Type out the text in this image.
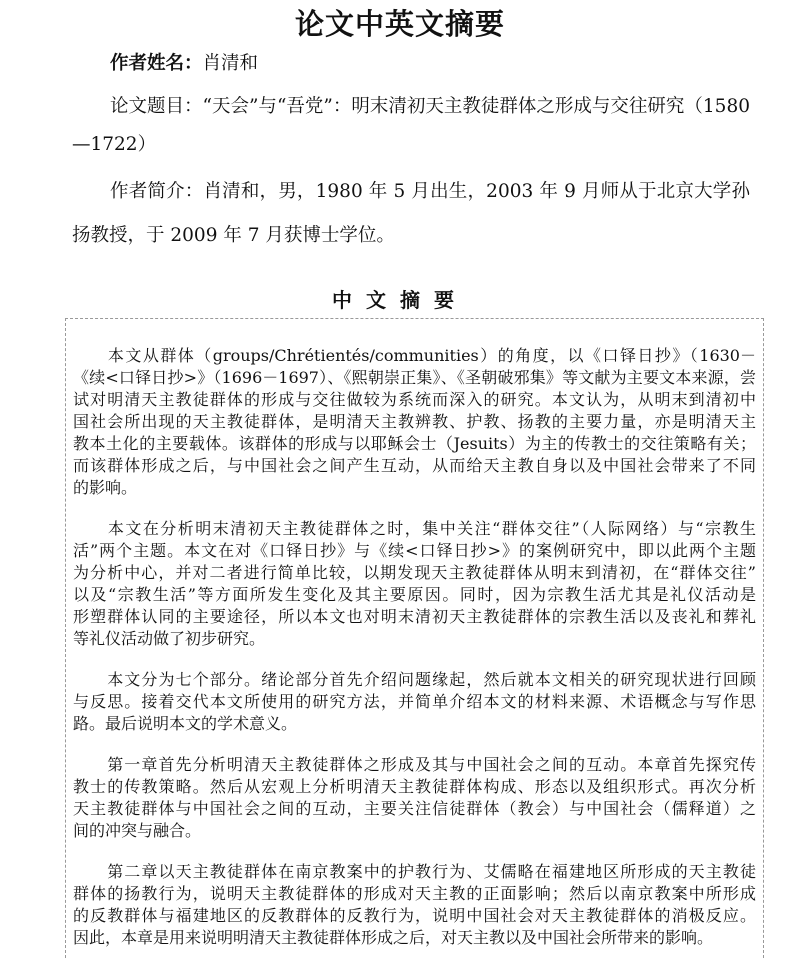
论文中英文摘要
作者姓名：肖清和
论文题目：“天会”与“吾党”：明末清初天主教徒群体之形成与交往研究（1580
—1722）
作者简介：肖清和，男，1980 年 5 月出生，2003 年 9 月师从于北京大学孙
扬教授，于 2009 年 7 月获博士学位。
中文摘要
　　本文从群体（groups/Chrétientés/communities）的角度，以《口铎日抄》（1630－
《续<口铎日抄>》（1696－1697）、《熙朝崇正集》、《圣朝破邪集》等文献为主要文本来源，尝
试对明清天主教徒群体的形成与交往做较为系统而深入的研究。本文认为，从明末到清初中
国社会所出现的天主教徒群体，是明清天主教辨教、护教、扬教的主要力量，亦是明清天主
教本土化的主要载体。该群体的形成与以耶稣会士（Jesuits）为主的传教士的交往策略有关；
而该群体形成之后，与中国社会之间产生互动，从而给天主教自身以及中国社会带来了不同
的影响。
　　本文在分析明末清初天主教徒群体之时，集中关注“群体交往”（人际网络）与“宗教生
活”两个主题。本文在对《口铎日抄》与《续<口铎日抄>》的案例研究中，即以此两个主题
为分析中心，并对二者进行简单比较，以期发现天主教徒群体从明末到清初，在“群体交往”
以及“宗教生活”等方面所发生变化及其主要原因。同时，因为宗教生活尤其是礼仪活动是
形塑群体认同的主要途径，所以本文也对明末清初天主教徒群体的宗教生活以及丧礼和葬礼
等礼仪活动做了初步研究。
　　本文分为七个部分。绪论部分首先介绍问题缘起，然后就本文相关的研究现状进行回顾
与反思。接着交代本文所使用的研究方法，并简单介绍本文的材料来源、术语概念与写作思
路。最后说明本文的学术意义。
　　第一章首先分析明清天主教徒群体之形成及其与中国社会之间的互动。本章首先探究传
教士的传教策略。然后从宏观上分析明清天主教徒群体构成、形态以及组织形式。再次分析
天主教徒群体与中国社会之间的互动，主要关注信徒群体（教会）与中国社会（儒释道）之
间的冲突与融合。
　　第二章以天主教徒群体在南京教案中的护教行为、艾儒略在福建地区所形成的天主教徒
群体的扬教行为，说明天主教徒群体的形成对天主教的正面影响；然后以南京教案中所形成
的反教群体与福建地区的反教群体的反教行为，说明中国社会对天主教徒群体的消极反应。
因此，本章是用来说明明清天主教徒群体形成之后，对天主教以及中国社会所带来的影响。
